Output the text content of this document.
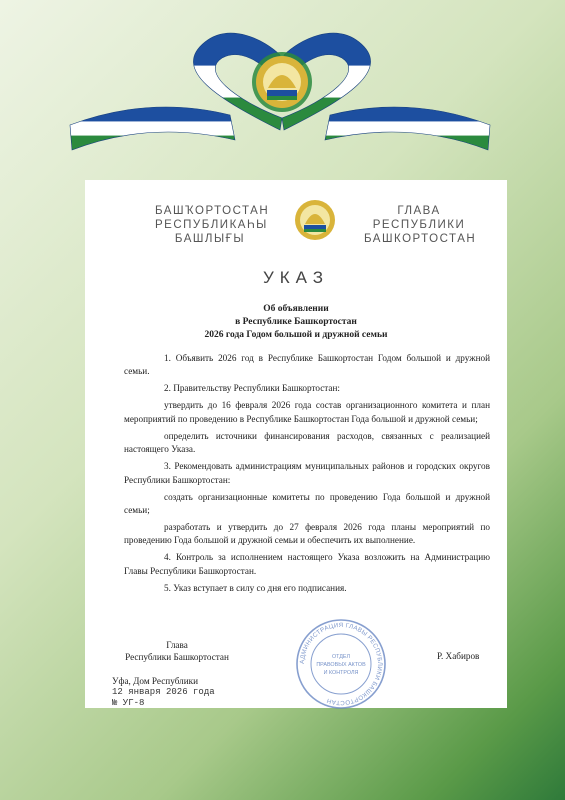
БАШҠОРТОСТАН
РЕСПУБЛИКАҺЫ
БАШЛЫҒЫ
ГЛАВА
РЕСПУБЛИКИ
БАШКОРТОСТАН
УКАЗ
Об объявлении
в Республике Башкортостан
2026 года Годом большой и дружной семьи

1. Объявить 2026 год в Республике Башкортостан Годом большой и дружной семьи.

2. Правительству Республики Башкортостан:

утвердить до 16 февраля 2026 года состав организационного комитета и план мероприятий по проведению в Республике Башкортостан Года большой и дружной семьи;

определить источники финансирования расходов, связанных с реализацией настоящего Указа.

3. Рекомендовать администрациям муниципальных районов и городских округов Республики Башкортостан:

создать организационные комитеты по проведению Года большой и дружной семьи;

разработать и утвердить до 27 февраля 2026 года планы мероприятий по проведению Года большой и дружной семьи и обеспечить их выполнение.

4. Контроль за исполнением настоящего Указа возложить на Администрацию Главы Республики Башкортостан.

5. Указ вступает в силу со дня его подписания.

Глава
Республики Башкортостан	АДМИНИСТРАЦИЯ ГЛАВЫ РЕСПУБЛИКИ БАШКОРТОСТАН
ОТДЕЛ
ПРАВОВЫХ АКТОВ
И КОНТРОЛЯ
Р. Хабиров
Уфа, Дом Республики
12 января 2026 года
№ УГ-8
